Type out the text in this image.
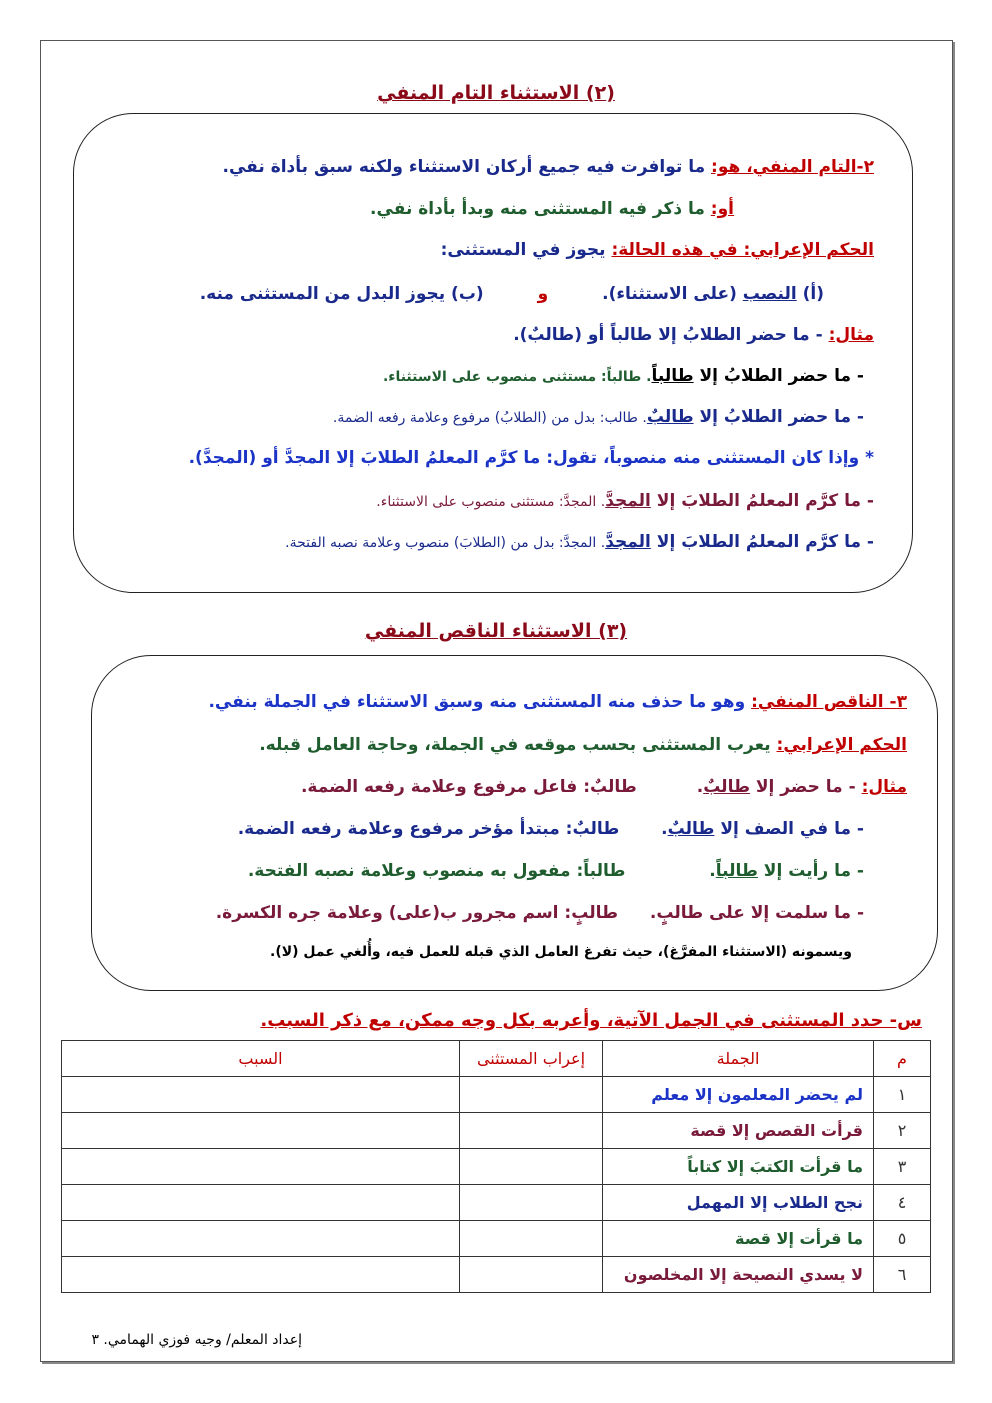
(٢) الاستثناء التام المنفي
٢-التام المنفي، هو: ما توافرت فيه جميع أركان الاستثناء ولكنه سبق بأداة نفي.
أو: ما ذكر فيه المستثنى منه وبدأ بأداة نفي.
الحكم الإعرابي: في هذه الحالة: يجوز في المستثنى:
(أ) النصب (على الاستثناء). و (ب) يجوز البدل من المستثنى منه.
مثال: - ما حضر الطلابُ إلا طالباً أو (طالبٌ).
- ما حضر الطلابُ إلا طالباً. طالباً: مستثنى منصوب على الاستثناء.
- ما حضر الطلابُ إلا طالبٌ. طالب: بدل من (الطلابُ) مرفوع وعلامة رفعه الضمة.
* وإذا كان المستثنى منه منصوباً، تقول: ما كرَّم المعلمُ الطلابَ إلا المجدَّ أو (المجدَّ).
- ما كرَّم المعلمُ الطلابَ إلا المجدَّ. المجدَّ: مستثنى منصوب على الاستثناء.
- ما كرَّم المعلمُ الطلابَ إلا المجدَّ. المجدَّ: بدل من (الطلابَ) منصوب وعلامة نصبه الفتحة.
(٣) الاستثناء الناقص المنفي
٣- الناقص المنفي: وهو ما حذف منه المستثنى منه وسبق الاستثناء في الجملة بنفي.
الحكم الإعرابي: يعرب المستثنى بحسب موقعه في الجملة، وحاجة العامل قبله.
مثال: - ما حضر إلا طالبٌ. طالبٌ: فاعل مرفوع وعلامة رفعه الضمة.
- ما في الصف إلا طالبٌ. طالبٌ: مبتدأ مؤخر مرفوع وعلامة رفعه الضمة.
- ما رأيت إلا طالباً. طالباً: مفعول به منصوب وعلامة نصبه الفتحة.
- ما سلمت إلا على طالبٍ. طالبٍ: اسم مجرور ب(على) وعلامة جره الكسرة.
ويسمونه (الاستثناء المفرَّغ)، حيث تفرغ العامل الذي قبله للعمل فيه، وأُلغي عمل (لا).
س- حدد المستثنى في الجمل الآتية، وأعربه بكل وجه ممكن، مع ذكر السبب.
م	الجملة	إعراب المستثنى	السبب
١	لم يحضر المعلمون إلا معلم		
٢	قرأت القصص إلا قصة		
٣	ما قرأت الكتبَ إلا كتاباً		
٤	نجح الطلاب إلا المهمل		
٥	ما قرأت إلا قصة		
٦	لا يسدي النصيحة إلا المخلصون		
إعداد المعلم/ وجيه فوزي الهمامي. ٣
